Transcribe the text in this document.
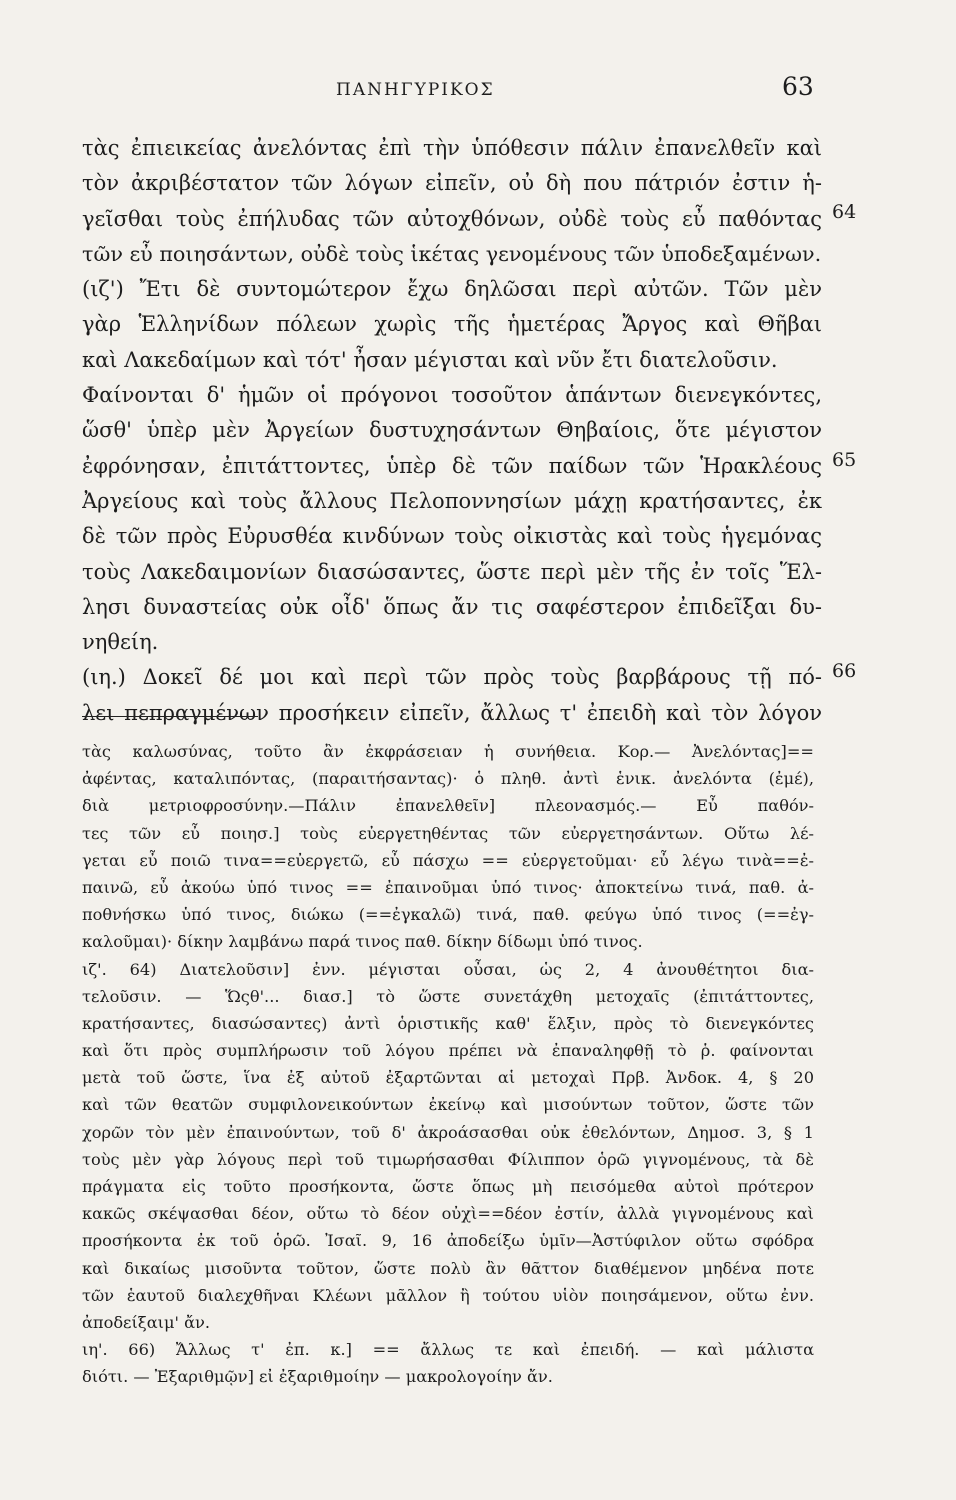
ΠΑΝΗΓΥΡΙΚΟΣ	63
τὰς ἐπιεικείας ἀνελόντας ἐπὶ τὴν ὑπόθεσιν πάλιν ἐπανελθεῖν καὶ
τὸν ἀκριβέστατον τῶν λόγων εἰπεῖν, οὐ δὴ που πάτριόν ἐστιν ἡ-
γεῖσθαι τοὺς ἐπήλυδας τῶν αὐτοχθόνων, οὐδὲ τοὺς εὖ παθόντας
τῶν εὖ ποιησάντων, οὐδὲ τοὺς ἱκέτας γενομένους τῶν ὑποδεξαμένων.
(ιζ') Ἔτι δὲ συντομώτερον ἔχω δηλῶσαι περὶ αὐτῶν. Τῶν μὲν
γὰρ Ἑλληνίδων πόλεων χωρὶς τῆς ἡμετέρας Ἄργος καὶ Θῆβαι
καὶ Λακεδαίμων καὶ τότ' ἦσαν μέγισται καὶ νῦν ἔτι διατελοῦσιν.
Φαίνονται δ' ἡμῶν οἱ πρόγονοι τοσοῦτον ἁπάντων διενεγκόντες,
ὥσθ' ὑπὲρ μὲν Ἀργείων δυστυχησάντων Θηβαίοις, ὅτε μέγιστον
ἐφρόνησαν, ἐπιτάττοντες, ὑπὲρ δὲ τῶν παίδων τῶν Ἡρακλέους
Ἀργείους καὶ τοὺς ἄλλους Πελοποννησίων μάχῃ κρατήσαντες, ἐκ
δὲ τῶν πρὸς Εὐρυσθέα κινδύνων τοὺς οἰκιστὰς καὶ τοὺς ἡγεμόνας
τοὺς Λακεδαιμονίων διασώσαντες, ὥστε περὶ μὲν τῆς ἐν τοῖς Ἕλ-
λησι δυναστείας οὐκ οἶδ' ὅπως ἄν τις σαφέστερον ἐπιδεῖξαι δυ-
νηθείη.
(ιη.) Δοκεῖ δέ μοι καὶ περὶ τῶν πρὸς τοὺς βαρβάρους τῇ πό-
λει πεπραγμένων προσήκειν εἰπεῖν, ἄλλως τ' ἐπειδὴ καὶ τὸν λόγον
64
65
66
τὰς καλωσύνας, τοῦτο ἂν ἐκφράσειαν ἡ συνήθεια. Κορ.— Ἀνελόντας]==
ἀφέντας, καταλιπόντας, (παραιτήσαντας)· ὁ πληθ. ἀντὶ ἑνικ. ἀνελόντα (ἐμέ),
διὰ μετριοφροσύνην.—Πάλιν ἐπανελθεῖν] πλεονασμός.— Εὖ παθόν-
τες τῶν εὖ ποιησ.] τοὺς εὐεργετηθέντας τῶν εὐεργετησάντων. Οὕτω λέ-
γεται εὖ ποιῶ τινα==εὐεργετῶ, εὖ πάσχω == εὐεργετοῦμαι· εὖ λέγω τινὰ==ἐ-
παινῶ, εὖ ἀκούω ὑπό τινος == ἐπαινοῦμαι ὑπό τινος· ἀποκτείνω τινά, παθ. ἀ-
ποθνήσκω ὑπό τινος, διώκω (==ἐγκαλῶ) τινά, παθ. φεύγω ὑπό τινος (==ἐγ-
καλοῦμαι)· δίκην λαμβάνω παρά τινος παθ. δίκην δίδωμι ὑπό τινος.
ιζ'. 64) Διατελοῦσιν] ἐνν. μέγισται οὖσαι, ὡς 2, 4 ἀνουθέτητοι δια-
τελοῦσιν. — Ὥςθ'... διασ.] τὸ ὥστε συνετάχθη μετοχαῖς (ἐπιτάττοντες,
κρατήσαντες, διασώσαντες) ἀντὶ ὁριστικῆς καθ' ἕλξιν, πρὸς τὸ διενεγκόντες
καὶ ὅτι πρὸς συμπλήρωσιν τοῦ λόγου πρέπει νὰ ἐπαναληφθῇ τὸ ῥ. φαίνονται
μετὰ τοῦ ὥστε, ἵνα ἐξ αὐτοῦ ἐξαρτῶνται αἱ μετοχαὶ Πρβ. Ἀνδοκ. 4, § 20
καὶ τῶν θεατῶν συμφιλονεικούντων ἐκείνῳ καὶ μισούντων τοῦτον, ὥστε τῶν
χορῶν τὸν μὲν ἐπαινούντων, τοῦ δ' ἀκροάσασθαι οὐκ ἐθελόντων, Δημοσ. 3, § 1
τοὺς μὲν γὰρ λόγους περὶ τοῦ τιμωρήσασθαι Φίλιππον ὁρῶ γιγνομένους, τὰ δὲ
πράγματα εἰς τοῦτο προσήκοντα, ὥστε ὅπως μὴ πεισόμεθα αὐτοὶ πρότερον
κακῶς σκέψασθαι δέον, οὕτω τὸ δέον οὐχὶ==δέον ἐστίν, ἀλλὰ γιγνομένους καὶ
προσήκοντα ἐκ τοῦ ὁρῶ. Ἰσαῖ. 9, 16 ἀποδείξω ὑμῖν—Ἀστύφιλον οὕτω σφόδρα
καὶ δικαίως μισοῦντα τοῦτον, ὥστε πολὺ ἂν θᾶττον διαθέμενον μηδένα ποτε
τῶν ἑαυτοῦ διαλεχθῆναι Κλέωνι μᾶλλον ἢ τούτου υἱὸν ποιησάμενον, οὕτω ἐνν.
ἀποδείξαιμ' ἄν.
ιη'. 66) Ἄλλως τ' ἐπ. κ.] == ἄλλως τε καὶ ἐπειδή. — καὶ μάλιστα
διότι. — Ἐξαριθμῷν] εἰ ἐξαριθμοίην — μακρολογοίην ἄν.
